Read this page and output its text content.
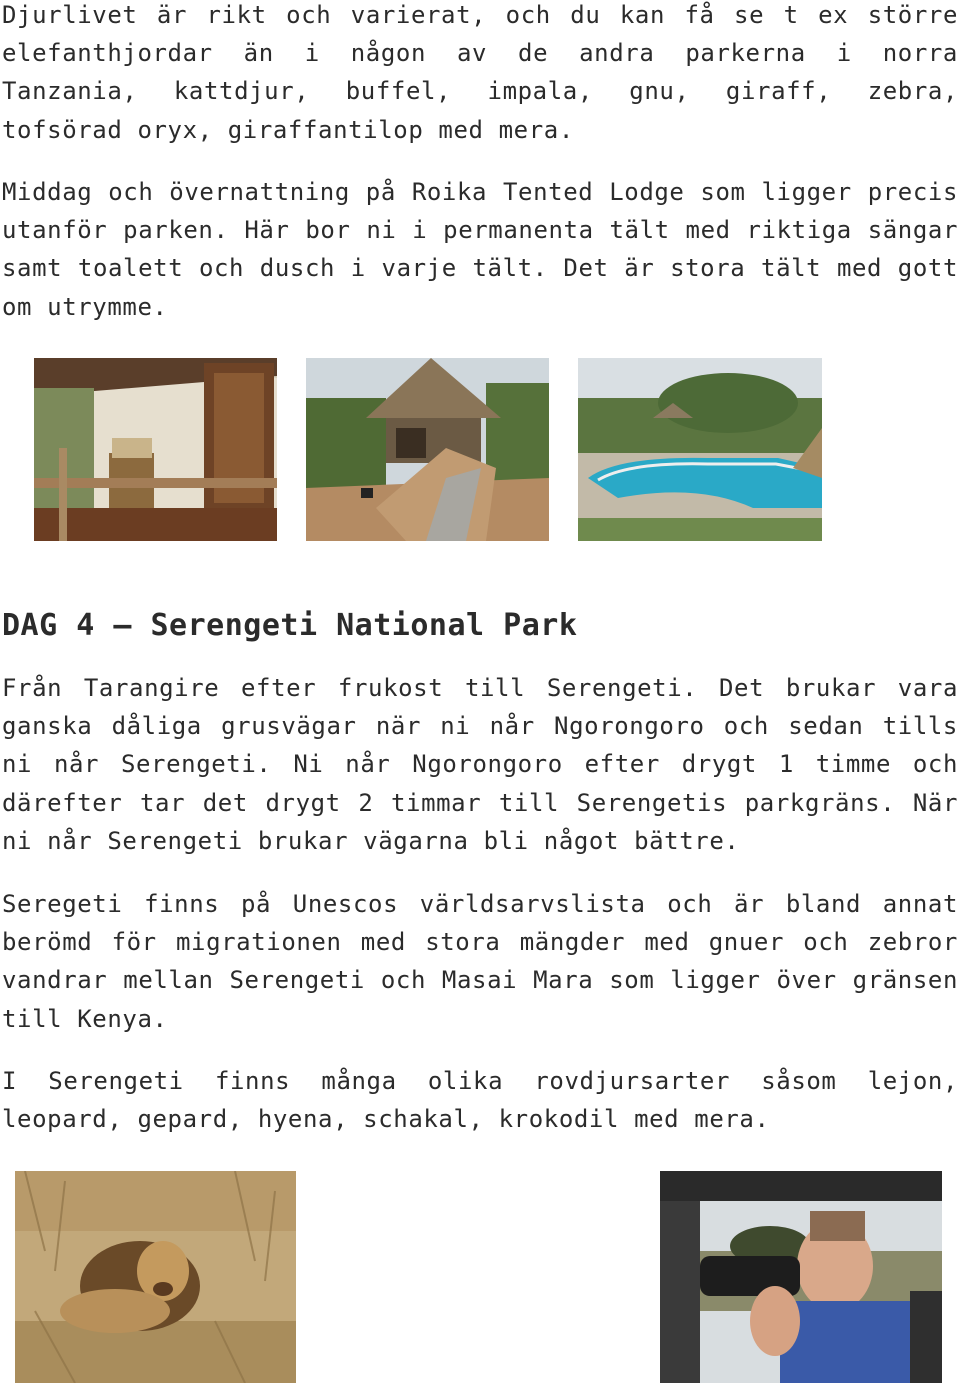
Djurlivet är rikt och varierat, och du kan få se t ex större elefanthjordar än i någon av de andra parkerna i norra Tanzania, kattdjur, buffel, impala, gnu, giraff, zebra, tofsörad oryx, giraffantilop med mera.

Middag och övernattning på Roika Tented Lodge som ligger precis utanför parken. Här bor ni i permanenta tält med riktiga sängar samt toalett och dusch i varje tält. Det är stora tält med gott om utrymme.

DAG 4 – Serengeti National Park

Från Tarangire efter frukost till Serengeti. Det brukar vara ganska dåliga grusvägar när ni når Ngorongoro och sedan tills ni når Serengeti. Ni når Ngorongoro efter drygt 1 timme och därefter tar det drygt 2 timmar till Serengetis parkgräns. När ni når Serengeti brukar vägarna bli något bättre.

Seregeti finns på Unescos världsarvslista och är bland annat berömd för migrationen med stora mängder med gnuer och zebror vandrar mellan Serengeti och Masai Mara som ligger över gränsen till Kenya.

I Serengeti finns många olika rovdjursarter såsom lejon, leopard, gepard, hyena, schakal, krokodil med mera.
